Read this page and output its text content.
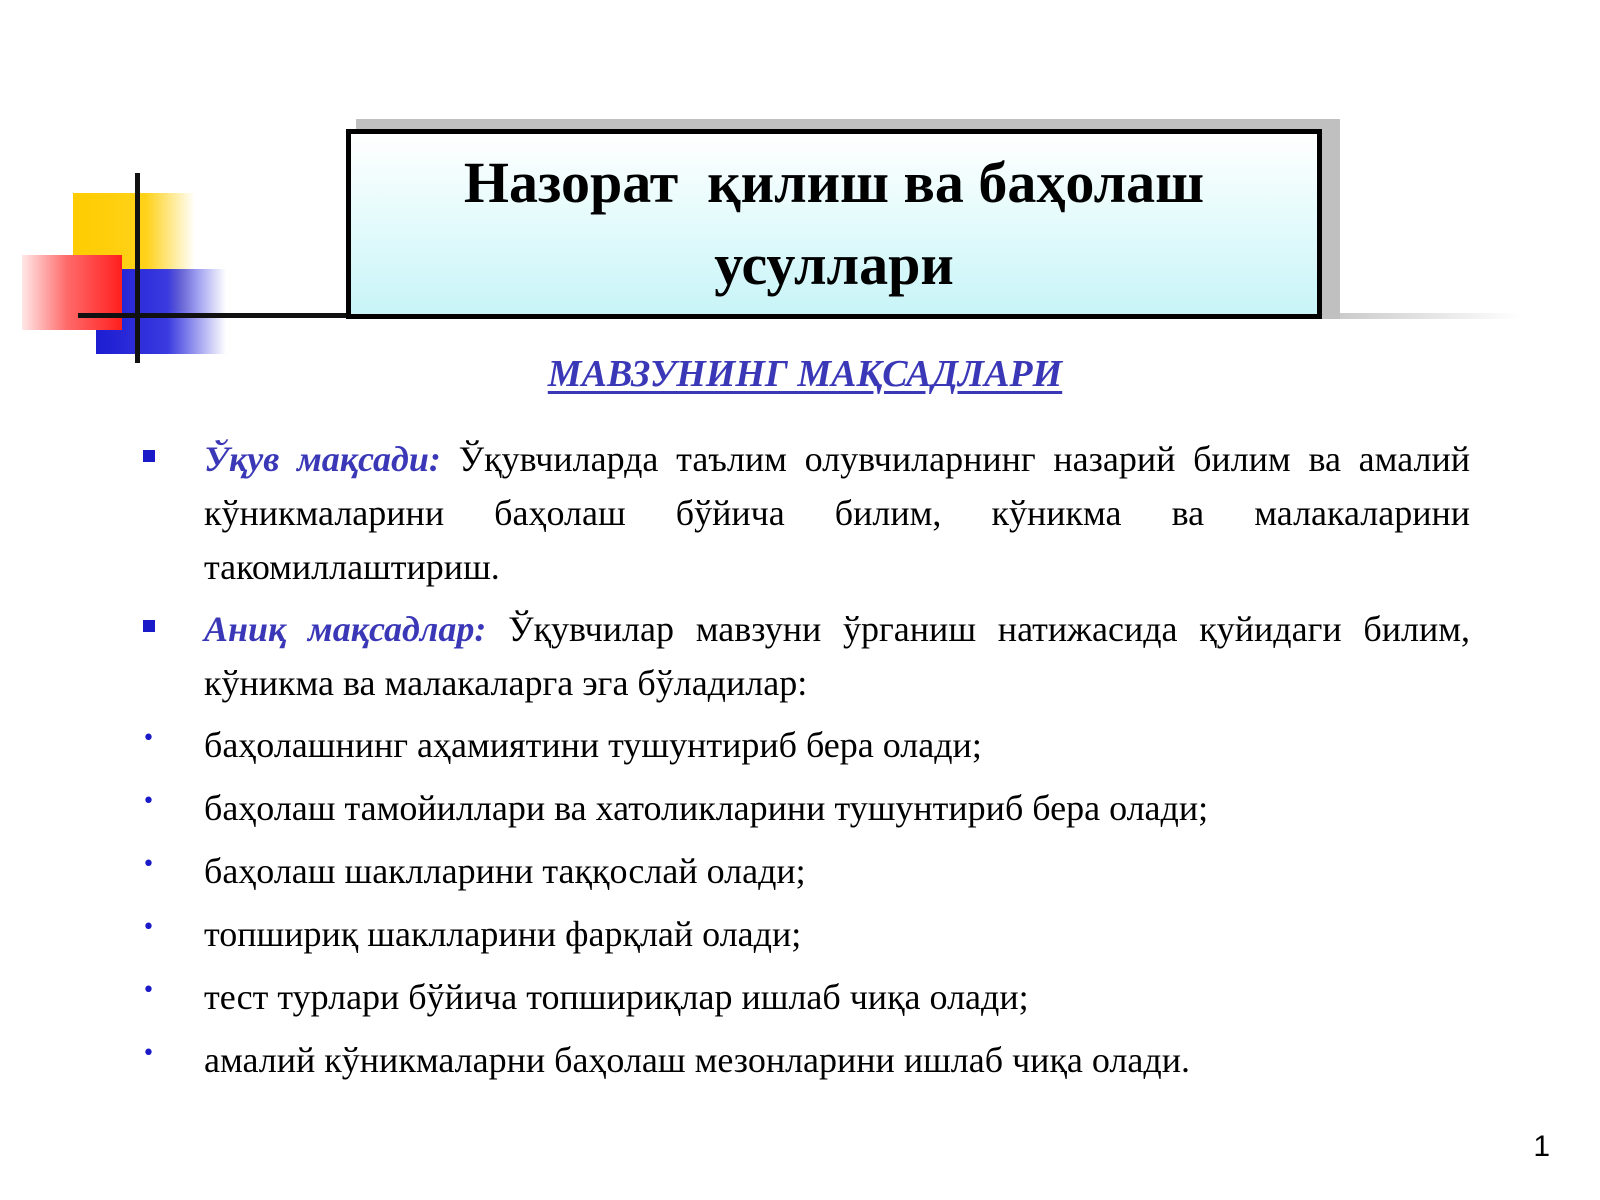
Назорат  қилиш ва баҳолаш усуллари
МАВЗУНИНГ МАҚСАДЛАРИ
Ўқув мақсади: Ўқувчиларда таълим олувчиларнинг назарий билим ва амалий кўникмаларини баҳолаш бўйича билим, кўникма ва малакаларини такомиллаштириш.
Аниқ мақсадлар: Ўқувчилар мавзуни ўрганиш натижасида қуйидаги билим, кўникма ва малакаларга эга бўладилар:
• баҳолашнинг аҳамиятини тушунтириб бера олади;
• баҳолаш тамойиллари ва хатоликларини тушунтириб бера олади;
• баҳолаш шаклларини таққослай олади;
• топшириқ шаклларини фарқлай олади;
• тест турлари бўйича топшириқлар ишлаб чиқа олади;
• амалий кўникмаларни баҳолаш мезонларини ишлаб чиқа олади.
1
